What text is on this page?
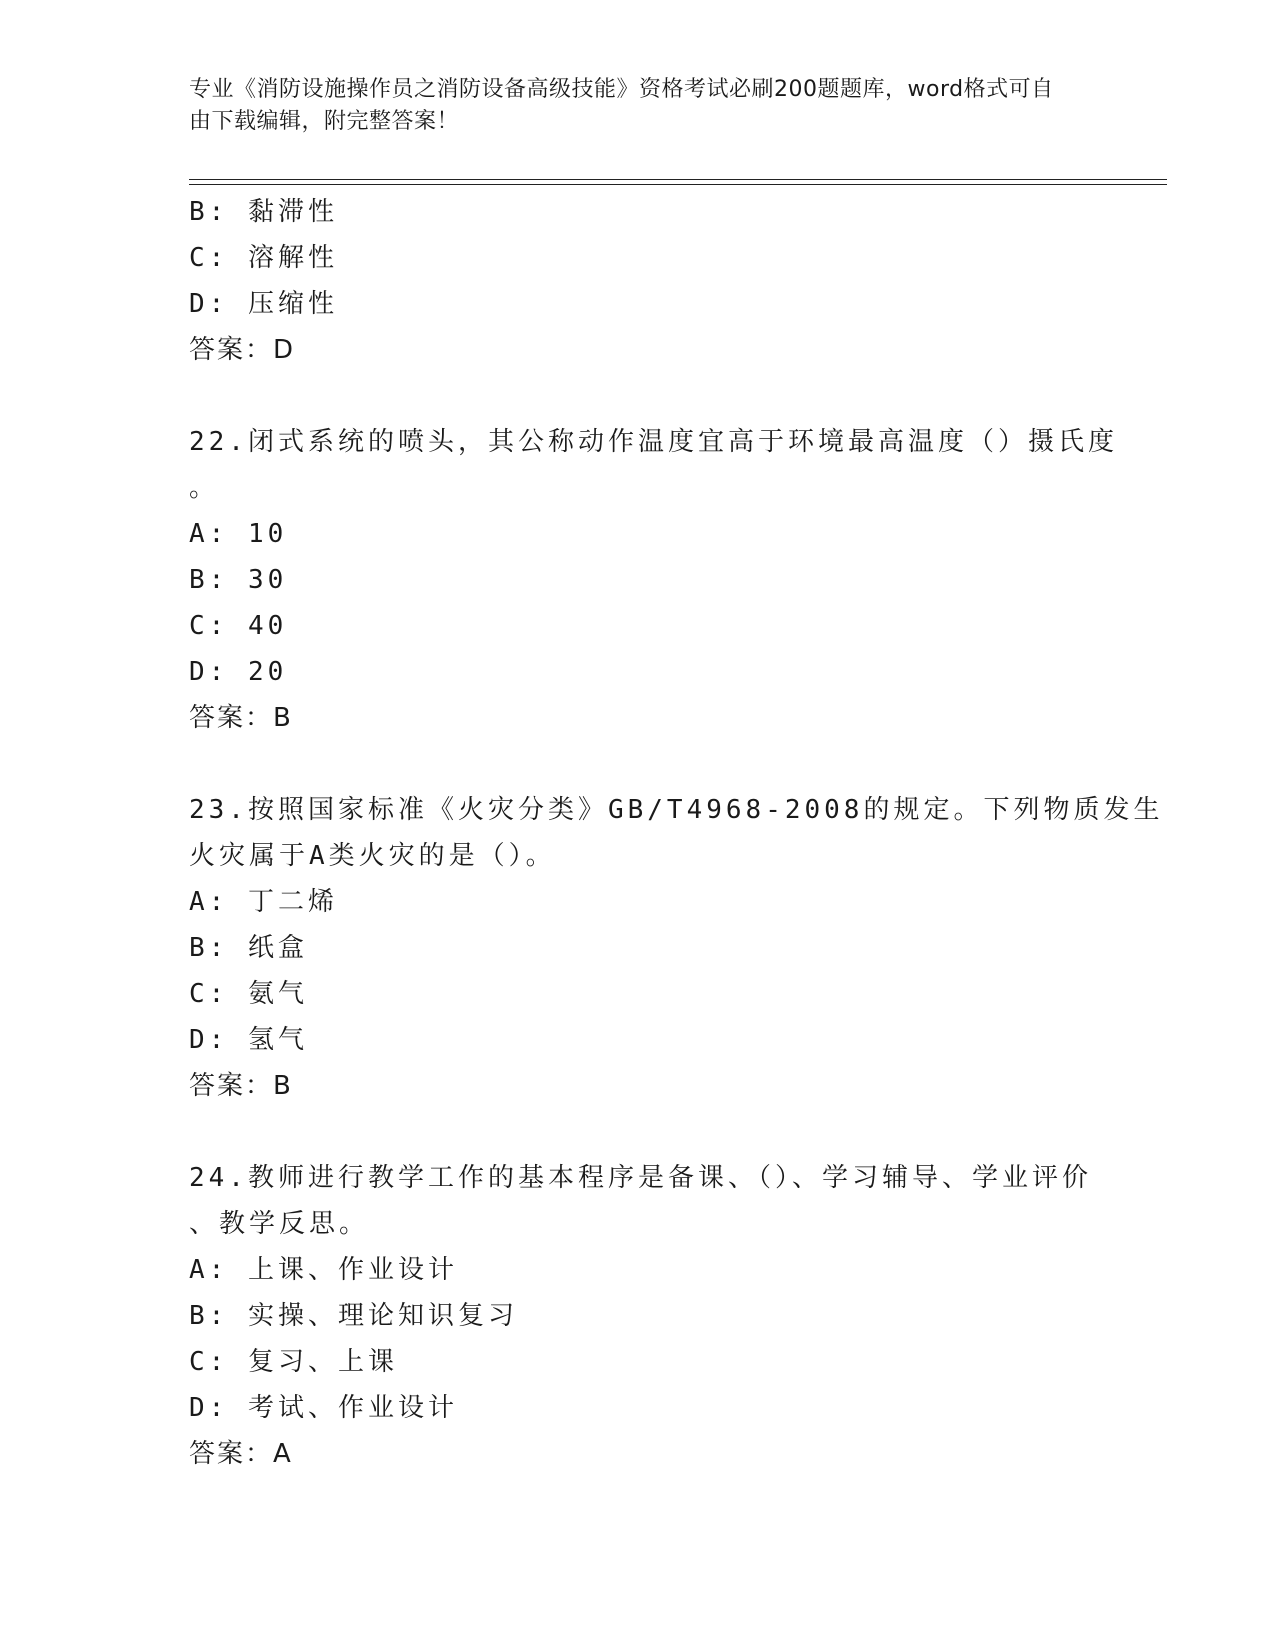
专业《消防设施操作员之消防设备高级技能》资格考试必刷200题题库，word格式可自由下载编辑，附完整答案！
B: 黏滞性
C: 溶解性
D: 压缩性
答案：D
22.闭式系统的喷头，其公称动作温度宜高于环境最高温度（）摄氏度
。
A: 10
B: 30
C: 40
D: 20
答案：B
23.按照国家标准《火灾分类》GB/T4968-2008的规定。下列物质发生
火灾属于A类火灾的是（）。
A: 丁二烯
B: 纸盒
C: 氨气
D: 氢气
答案：B
24.教师进行教学工作的基本程序是备课、（）、学习辅导、学业评价
、教学反思。
A: 上课、作业设计
B: 实操、理论知识复习
C: 复习、上课
D: 考试、作业设计
答案：A
